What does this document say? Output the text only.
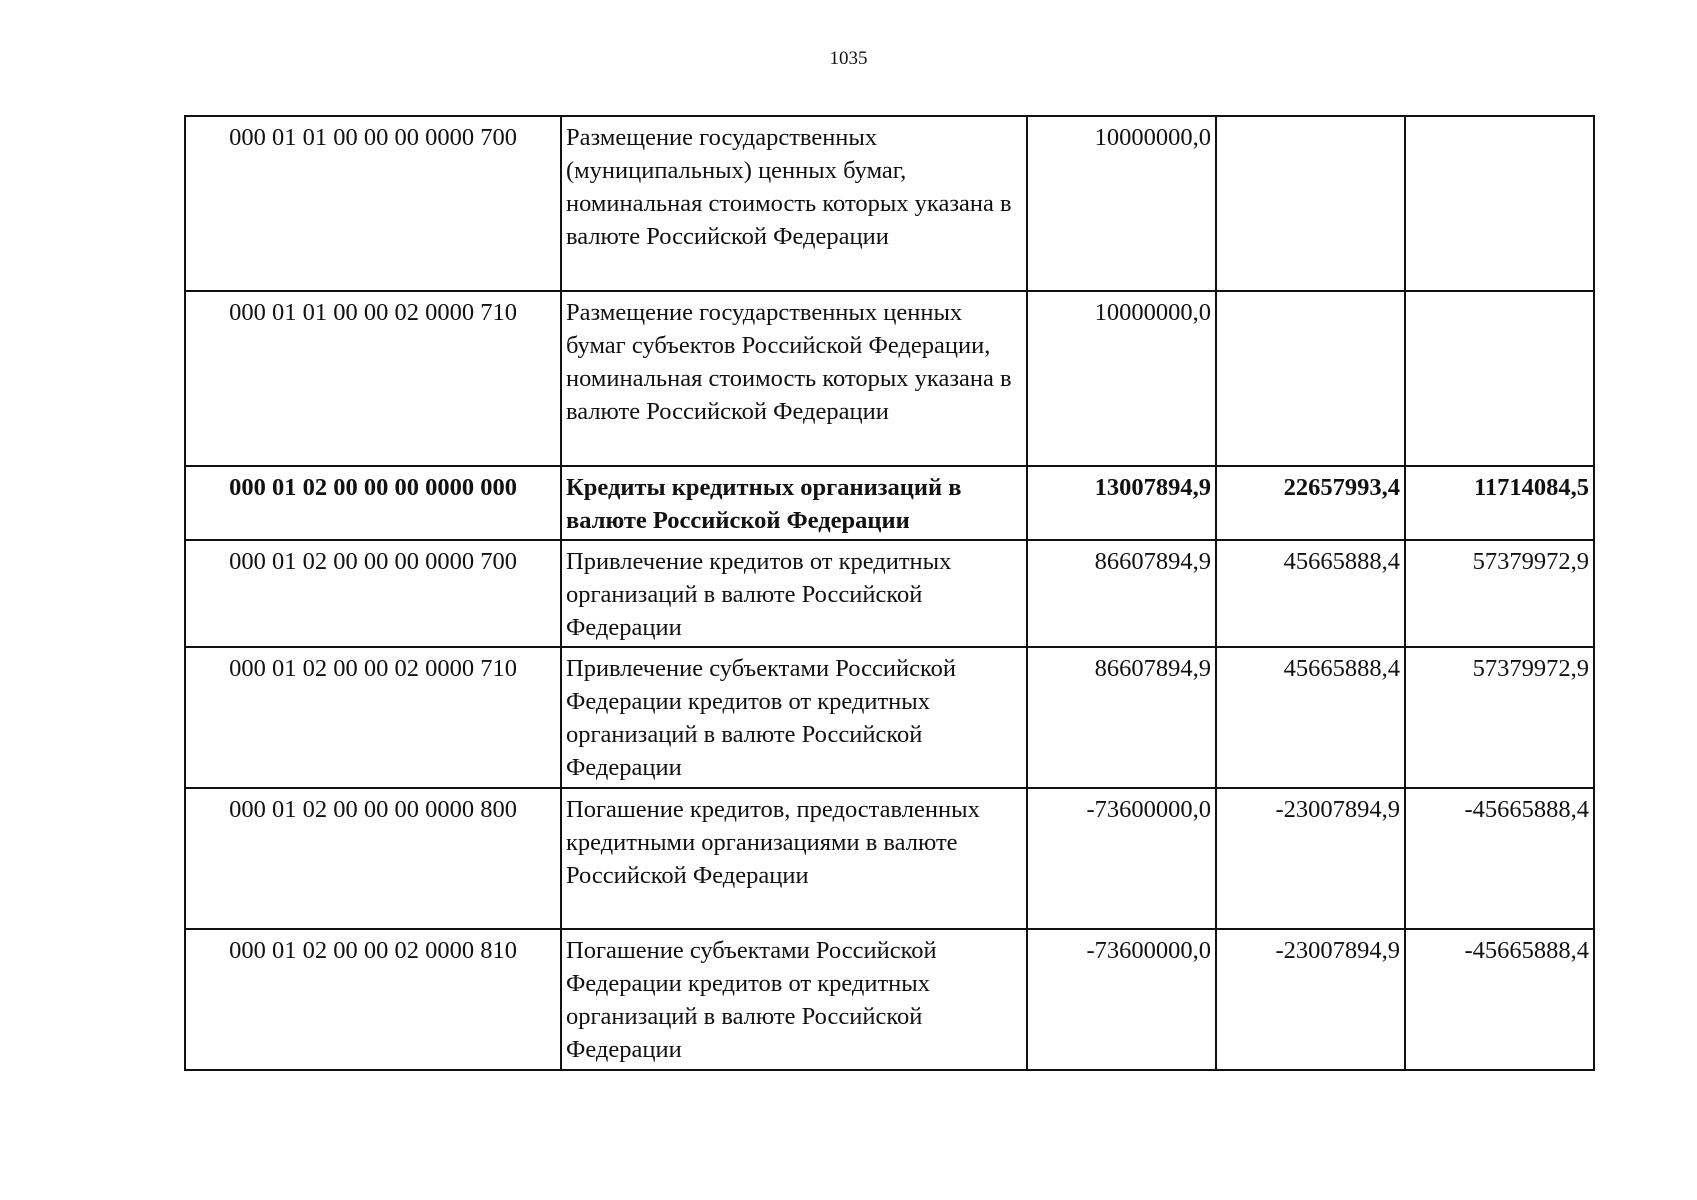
1035
000 01 01 00 00 00 0000 700	Размещение государственных (муниципальных) ценных бумаг, номинальная стоимость которых указана в валюте Российской Федерации	10000000,0		
000 01 01 00 00 02 0000 710	Размещение государственных ценных бумаг субъектов Российской Федерации, номинальная стоимость которых указана в валюте Российской Федерации	10000000,0		
000 01 02 00 00 00 0000 000	Кредиты кредитных организаций в валюте Российской Федерации	13007894,9	22657993,4	11714084,5
000 01 02 00 00 00 0000 700	Привлечение кредитов от кредитных организаций в валюте Российской Федерации	86607894,9	45665888,4	57379972,9
000 01 02 00 00 02 0000 710	Привлечение субъектами Российской Федерации кредитов от кредитных организаций в валюте Российской Федерации	86607894,9	45665888,4	57379972,9
000 01 02 00 00 00 0000 800	Погашение кредитов, предоставленных кредитными организациями в валюте Российской Федерации	-73600000,0	-23007894,9	-45665888,4
000 01 02 00 00 02 0000 810	Погашение субъектами Российской Федерации кредитов от кредитных организаций в валюте Российской Федерации	-73600000,0	-23007894,9	-45665888,4
